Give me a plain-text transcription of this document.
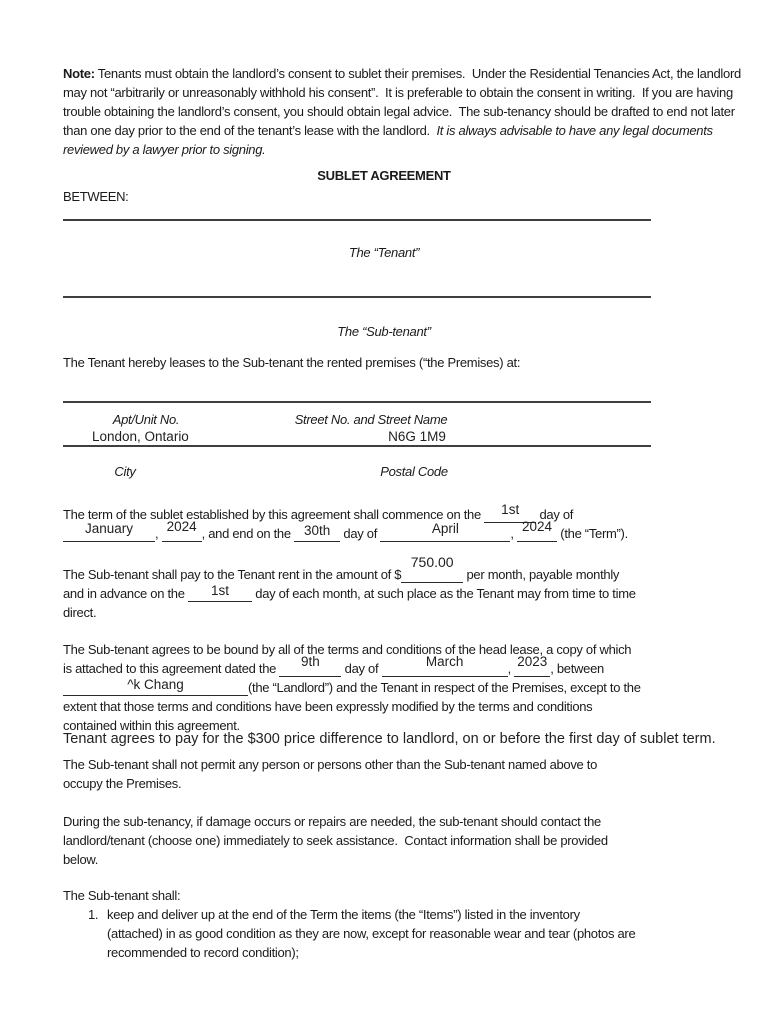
Note: Tenants must obtain the landlord’s consent to sublet their premises.  Under the Residential Tenancies Act, the landlord
may not “arbitrarily or unreasonably withhold his consent”.  It is preferable to obtain the consent in writing.  If you are having
trouble obtaining the landlord’s consent, you should obtain legal advice.  The sub-tenancy should be drafted to end not later
than one day prior to the end of the tenant’s lease with the landlord.  It is always advisable to have any legal documents
reviewed by a lawyer prior to signing.
SUBLET AGREEMENT
BETWEEN:
The “Tenant”
The “Sub-tenant”
The Tenant hereby leases to the Sub-tenant the rented premises (“the Premises) at:
Apt/Unit No.	Street No. and Street Name
London, Ontario	N6G 1M9
City	Postal Code
The term of the sublet established by this agreement shall commence on the 1st day of
January , 2024 , and end on the 30th day of	April	, 2024 (the “Term”).
The Sub-tenant shall pay to the Tenant rent in the amount of $
750.00
per month, payable monthly
and in advance on the 1st day of each month, at such place as the Tenant may from time to time
direct.
The Sub-tenant agrees to be bound by all of the terms and conditions of the head lease, a copy of which
is attached to this agreement dated the 9th day of	March	, 2023 , between
^k Chang	(the “Landlord”) and the Tenant in respect of the Premises, except to the
extent that those terms and conditions have been expressly modified by the terms and conditions
contained within this agreement.
Tenant agrees to pay for the $300 price difference to landlord, on or before the first day of sublet term.
The Sub-tenant shall not permit any person or persons other than the Sub-tenant named above to
occupy the Premises.
During the sub-tenancy, if damage occurs or repairs are needed, the sub-tenant should contact the
landlord/tenant (choose one) immediately to seek assistance.  Contact information shall be provided
below.
The Sub-tenant shall:
1. keep and deliver up at the end of the Term the items (the “Items”) listed in the inventory
(attached) in as good condition as they are now, except for reasonable wear and tear (photos are
recommended to record condition);
